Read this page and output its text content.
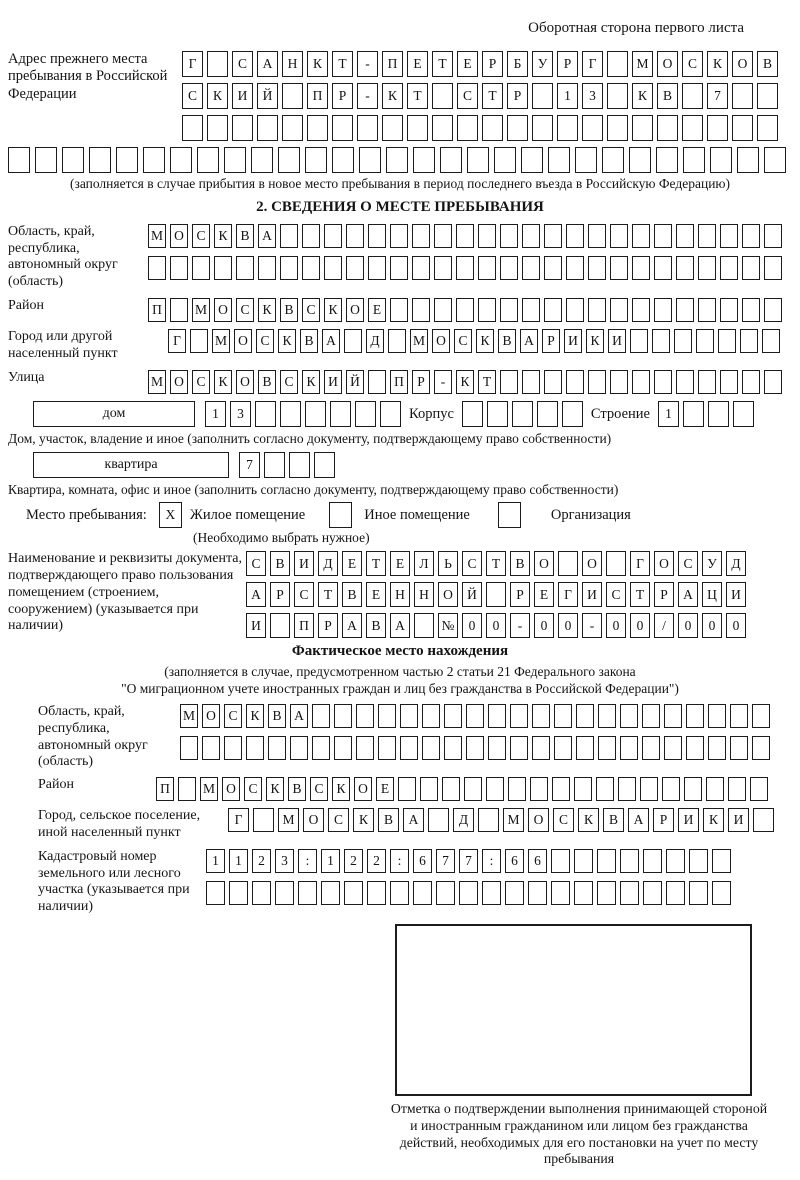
Оборотная сторона первого листа
Адрес прежнего места пребывания в Российской Федерации
Г	С	А	Н	К	Т	-	П	Е	Т	Е	Р	Б	У	Р	Г	М	О	С	К	О	В
С	К	И	Й	П	Р	-	К	Т	С	Т	Р	1	3	К	В	7
(заполняется в случае прибытия в новое место пребывания в период последнего въезда в Российскую Федерацию)
2. СВЕДЕНИЯ О МЕСТЕ ПРЕБЫВАНИЯ
Область, край, республика, автономный округ (область)
М О С К В А
Район	П	М О С К В С К О Е
Город или другой населенный пункт
Г	М О С К В А	Д	М О С К В А Р И К И
Улица	М О С К О В С К И Й	П Р	-	К Т
дом	1	3	Корпус	Строение	1
Дом, участок, владение и иное (заполнить согласно документу, подтверждающему право собственности)
квартира	7
Квартира, комната, офис и иное (заполнить согласно документу, подтверждающему право собственности)
Место пребывания:	X	Жилое помещение	Иное помещение	Организация
(Необходимо выбрать нужное)
Наименование и реквизиты документа, подтверждающего право пользования помещением (строением, сооружением) (указывается при наличии)
С	В	И	Д	Е	Т	Е	Л	Ь	С	Т	В	О	О	Г	О	С	У	Д
А	Р	С	Т	В	Е	Н	Н	О	Й	Р	Е	Г	И	С	Т	Р	А	Ц	И
И	П	Р	А	В	А	№	0	0	-	0	0	-	0	0	/	0	0	0
Фактическое место нахождения
(заполняется в случае, предусмотренном частью 2 статьи 21 Федерального закона
"О миграционном учете иностранных граждан и лиц без гражданства в Российской Федерации")
Область, край, республика, автономный округ (область)
М О С К В А
Район	П	М О С К В С К О Е
Город, сельское поселение, иной населенный пункт
Г	М	О	С	К	В	А	Д	М	О	С	К	В	А	Р	И	К	И
Кадастровый номер земельного или лесного участка (указывается при наличии)
1	1	2	3	:	1	2	2	:	6	7	7	:	6	6
Отметка о подтверждении выполнения принимающей стороной и иностранным гражданином или лицом без гражданства действий, необходимых для его постановки на учет по месту пребывания
